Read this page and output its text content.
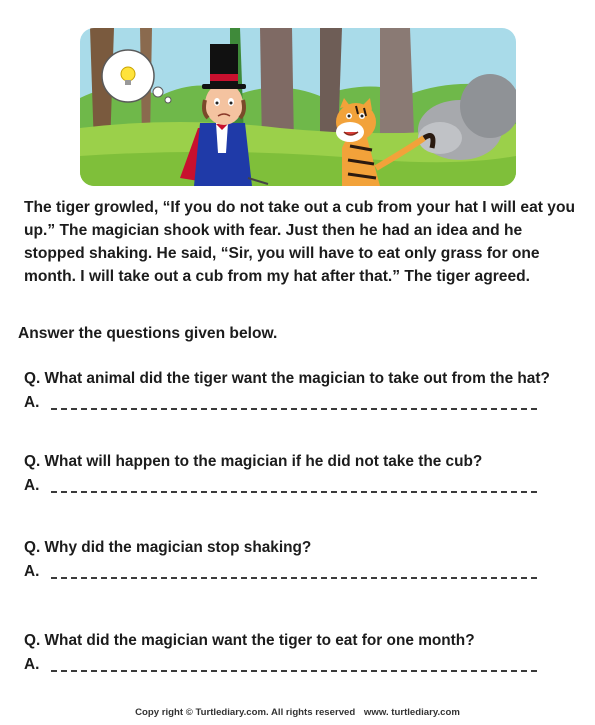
The tiger growled, “If you do not take out a cub from your hat I will eat you up.” The magician shook with fear. Just then he had an idea and he stopped shaking. He said, “Sir, you will have to eat only grass for one month. I will take out a cub from my hat after that.” The tiger agreed.

Answer the questions given below.

Q. What animal did the tiger want the magician to take out from the hat?

A.

Q. What will happen to the magician if he did not take the cub?

A.

Q. Why did the magician stop shaking?

A.

Q. What did the magician want the tiger to eat for one month?

A.
Copy right © Turtlediary.com. All rights reserved www. turtlediary.com
